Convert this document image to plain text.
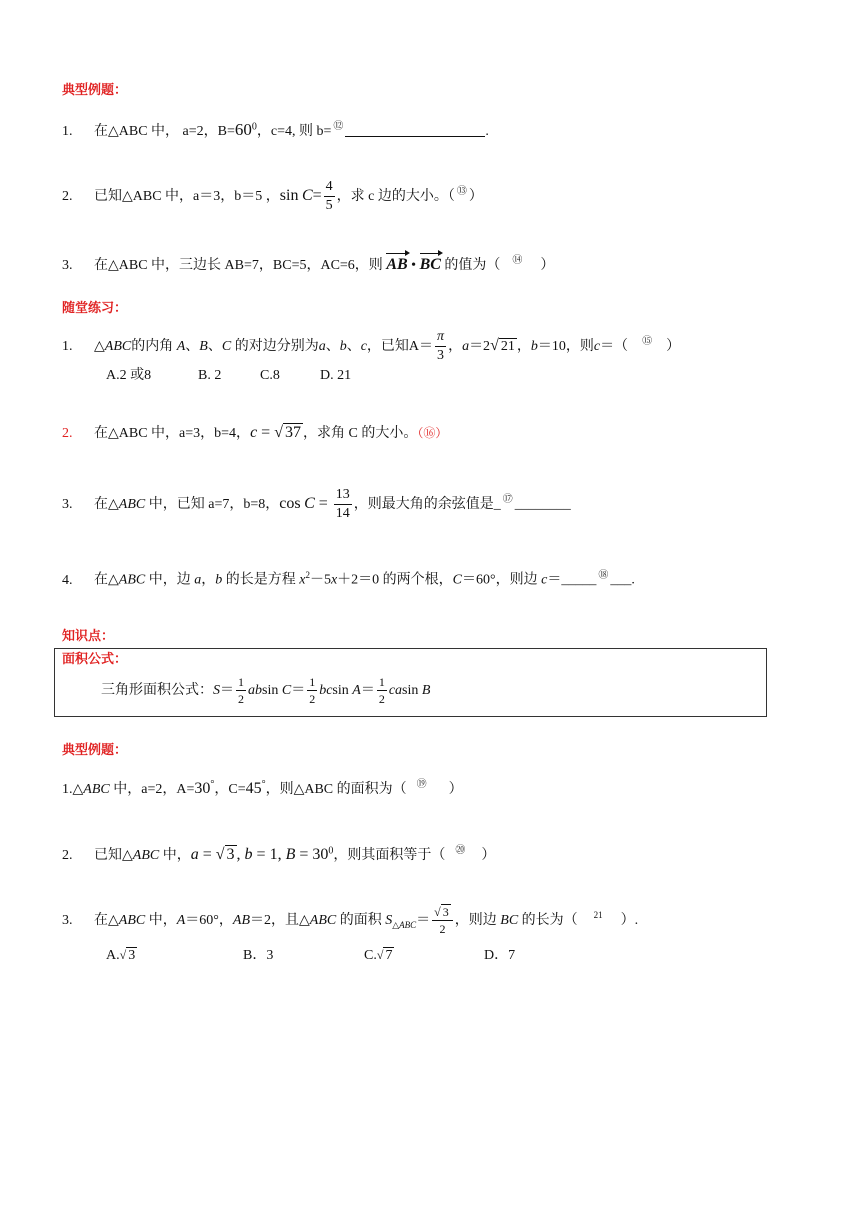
典型例题：
1. 在△ABC 中， a=2，$B=60^0$，c=4, 则 b= ⑫	.
2. 已知△ABC 中，a＝3，b＝5 ，$\sin C= \frac{4}{5}$ ，求 c 边的大小。（ ⑬ ）
3. 在△ABC 中，三边长 AB=7，BC=5，AC=6，则 AB • BC 的值为（ ⑭ ）
随堂练习：
1. △ABC的内角 A、B、C 的对边分别为a、b、c，已知$A= \frac{\pi}{3}$ ，a＝2√ 21 ，b＝10，则c＝（ ⑮ ）
A.2 或8	B. 2	C.8	D. 21
2. 在△ABC 中，a=3，b=4，c = √ 37 ，求角 C 的大小。（⑯）
3. 在△ABC 中，已知 a=7，b=8，$\cos C = \frac{13}{14}$ ，则最大角的余弦值是_ ⑰ ________
4. 在△ABC 中，边 a，b 的长是方程 $x^2-5x+2=0$ 的两个根，C＝60°，则边 c＝_____ ⑱ ___.
知识点：
面积公式：
三角形面积公式：$S= \frac{1}{2}$ absin $C= \frac{1}{2}$ bcsin $A= \frac{1}{2}$ casin B
典型例题：
1.△ABC 中，a=2，A=30°，C=45°，则△ABC 的面积为（ ⑲ ）
2. 已知△ABC 中，a = √ 3 , b = 1, $B = 30^0$，则其面积等于（ ⑳ ）
3. 在△ABC 中，A＝60°，AB＝2，且△ABC 的面积 $S_{\triangle ABC}= \frac{√ 3}{2}$ ，则边 BC 的长为（ $^{21}$ ）.
A.√ 3	B．3	C.√ 7	D．7
